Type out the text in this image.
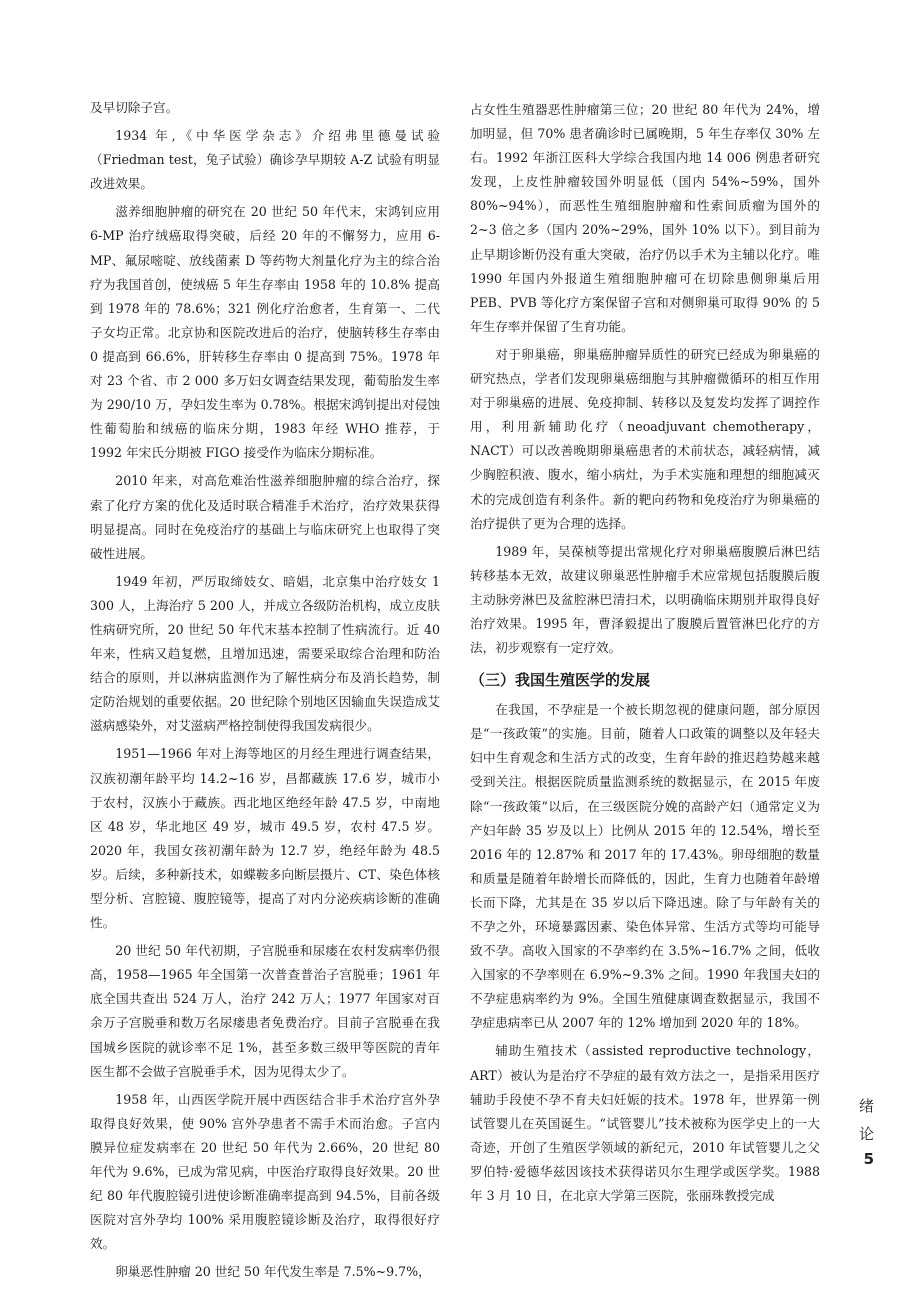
及早切除子宫。

1934 年,《中华医学杂志》介绍弗里德曼试验（Friedman test，兔子试验）确诊孕早期较 A-Z 试验有明显改进效果。

滋养细胞肿瘤的研究在 20 世纪 50 年代末，宋鸿钊应用 6-MP 治疗绒癌取得突破，后经 20 年的不懈努力，应用 6-MP、氟尿嘧啶、放线菌素 D 等药物大剂量化疗为主的综合治疗为我国首创，使绒癌 5 年生存率由 1958 年的 10.8% 提高到 1978 年的 78.6%；321 例化疗治愈者，生育第一、二代子女均正常。北京协和医院改进后的治疗，使脑转移生存率由 0 提高到 66.6%，肝转移生存率由 0 提高到 75%。1978 年对 23 个省、市 2 000 多万妇女调查结果发现，葡萄胎发生率为 290/10 万，孕妇发生率为 0.78%。根据宋鸿钊提出对侵蚀性葡萄胎和绒癌的临床分期，1983 年经 WHO 推荐，于 1992 年宋氏分期被 FIGO 接受作为临床分期标准。

2010 年来，对高危难治性滋养细胞肿瘤的综合治疗，探索了化疗方案的优化及适时联合精准手术治疗，治疗效果获得明显提高。同时在免疫治疗的基础上与临床研究上也取得了突破性进展。

1949 年初，严厉取缔妓女、暗娼，北京集中治疗妓女 1 300 人，上海治疗 5 200 人，并成立各级防治机构，成立皮肤性病研究所，20 世纪 50 年代末基本控制了性病流行。近 40 年来，性病又趋复燃，且增加迅速，需要采取综合治理和防治结合的原则，并以淋病监测作为了解性病分布及消长趋势，制定防治规划的重要依据。20 世纪除个别地区因输血失误造成艾滋病感染外，对艾滋病严格控制使得我国发病很少。

1951—1966 年对上海等地区的月经生理进行调查结果，汉族初潮年龄平均 14.2~16 岁，昌都藏族 17.6 岁，城市小于农村，汉族小于藏族。西北地区绝经年龄 47.5 岁，中南地区 48 岁，华北地区 49 岁，城市 49.5 岁，农村 47.5 岁。2020 年，我国女孩初潮年龄为 12.7 岁，绝经年龄为 48.5 岁。后续，多种新技术，如蝶鞍多向断层摄片、CT、染色体核型分析、宫腔镜、腹腔镜等，提高了对内分泌疾病诊断的准确性。

20 世纪 50 年代初期，子宫脱垂和尿瘘在农村发病率仍很高，1958—1965 年全国第一次普查普治子宫脱垂；1961 年底全国共查出 524 万人，治疗 242 万人；1977 年国家对百余万子宫脱垂和数万名尿瘘患者免费治疗。目前子宫脱垂在我国城乡医院的就诊率不足 1%，甚至多数三级甲等医院的青年医生都不会做子宫脱垂手术，因为见得太少了。

1958 年，山西医学院开展中西医结合非手术治疗宫外孕取得良好效果，使 90% 宫外孕患者不需手术而治愈。子宫内膜异位症发病率在 20 世纪 50 年代为 2.66%，20 世纪 80 年代为 9.6%，已成为常见病，中医治疗取得良好效果。20 世纪 80 年代腹腔镜引进使诊断准确率提高到 94.5%，目前各级医院对宫外孕均 100% 采用腹腔镜诊断及治疗，取得很好疗效。

卵巢恶性肿瘤 20 世纪 50 年代发生率是 7.5%~9.7%，

占女性生殖器恶性肿瘤第三位；20 世纪 80 年代为 24%，增加明显，但 70% 患者确诊时已属晚期，5 年生存率仅 30% 左右。1992 年浙江医科大学综合我国内地 14 006 例患者研究发现，上皮性肿瘤较国外明显低（国内 54%~59%，国外 80%~94%），而恶性生殖细胞肿瘤和性索间质瘤为国外的 2~3 倍之多（国内 20%~29%，国外 10% 以下）。到目前为止早期诊断仍没有重大突破，治疗仍以手术为主辅以化疗。唯 1990 年国内外报道生殖细胞肿瘤可在切除患侧卵巢后用 PEB、PVB 等化疗方案保留子宫和对侧卵巢可取得 90% 的 5 年生存率并保留了生育功能。

对于卵巢癌，卵巢癌肿瘤异质性的研究已经成为卵巢癌的研究热点，学者们发现卵巢癌细胞与其肿瘤微循环的相互作用对于卵巢癌的进展、免疫抑制、转移以及复发均发挥了调控作用，利用新辅助化疗（neoadjuvant chemotherapy，NACT）可以改善晚期卵巢癌患者的术前状态，减轻病情，减少胸腔积液、腹水，缩小病灶，为手术实施和理想的细胞减灭术的完成创造有利条件。新的靶向药物和免疫治疗为卵巢癌的治疗提供了更为合理的选择。

1989 年，吴葆桢等提出常规化疗对卵巢癌腹膜后淋巴结转移基本无效，故建议卵巢恶性肿瘤手术应常规包括腹膜后腹主动脉旁淋巴及盆腔淋巴清扫术，以明确临床期别并取得良好治疗效果。1995 年，曹泽毅提出了腹膜后置管淋巴化疗的方法，初步观察有一定疗效。

（三）我国生殖医学的发展

在我国，不孕症是一个被长期忽视的健康问题，部分原因是“一孩政策”的实施。目前，随着人口政策的调整以及年轻夫妇中生育观念和生活方式的改变，生育年龄的推迟趋势越来越受到关注。根据医院质量监测系统的数据显示，在 2015 年废除“一孩政策”以后，在三级医院分娩的高龄产妇（通常定义为产妇年龄 35 岁及以上）比例从 2015 年的 12.54%，增长至 2016 年的 12.87% 和 2017 年的 17.43%。卵母细胞的数量和质量是随着年龄增长而降低的，因此，生育力也随着年龄增长而下降，尤其是在 35 岁以后下降迅速。除了与年龄有关的不孕之外，环境暴露因素、染色体异常、生活方式等均可能导致不孕。高收入国家的不孕率约在 3.5%~16.7% 之间，低收入国家的不孕率则在 6.9%~9.3% 之间。1990 年我国夫妇的不孕症患病率约为 9%。全国生殖健康调查数据显示，我国不孕症患病率已从 2007 年的 12% 增加到 2020 年的 18%。

辅助生殖技术（assisted reproductive technology，ART）被认为是治疗不孕症的最有效方法之一，是指采用医疗辅助手段使不孕不育夫妇妊娠的技术。1978 年，世界第一例试管婴儿在英国诞生。“试管婴儿”技术被称为医学史上的一大奇迹，开创了生殖医学领域的新纪元，2010 年试管婴儿之父罗伯特·爱德华兹因该技术获得诺贝尔生理学或医学奖。1988 年 3 月 10 日，在北京大学第三医院，张丽珠教授完成

绪
论
5
